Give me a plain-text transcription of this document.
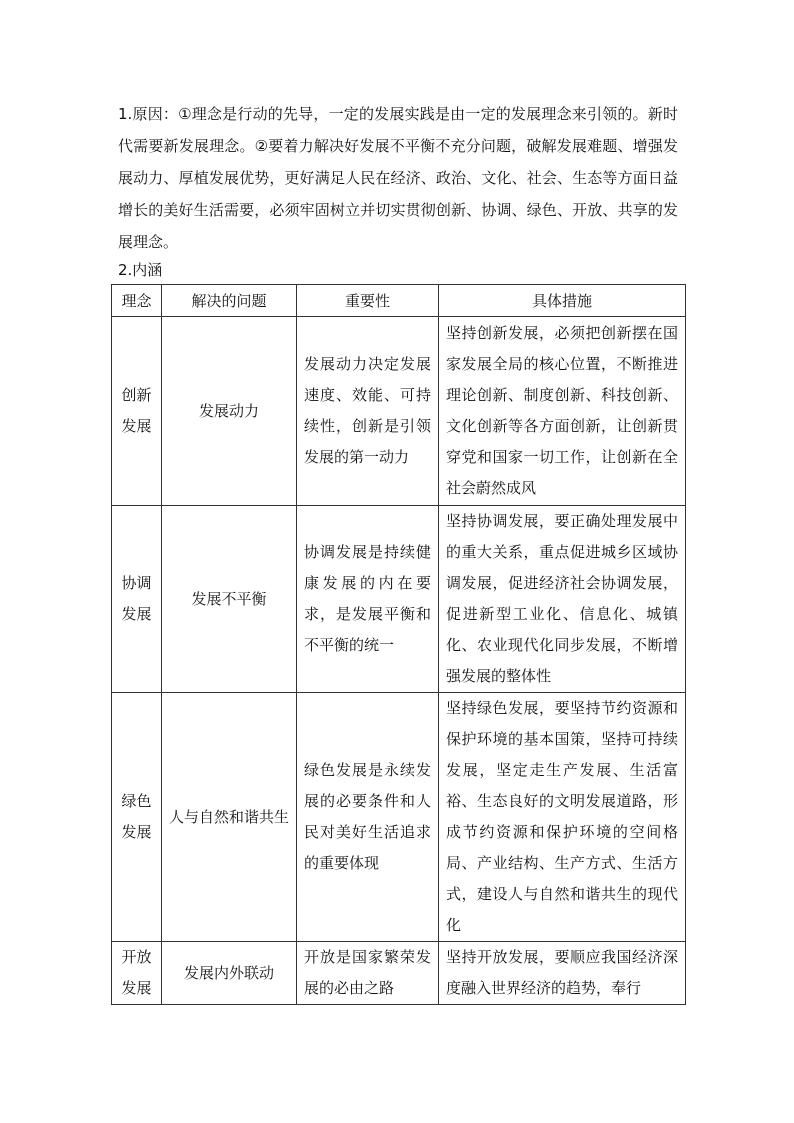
1.原因：①理念是行动的先导，一定的发展实践是由一定的发展理念来引领的。新时代需要新发展理念。②要着力解决好发展不平衡不充分问题，破解发展难题、增强发展动力、厚植发展优势，更好满足人民在经济、政治、文化、社会、生态等方面日益增长的美好生活需要，必须牢固树立并切实贯彻创新、协调、绿色、开放、共享的发展理念。

2.内涵
理念	解决的问题	重要性	具体措施
创新发展	发展动力	发展动力决定发展速度、效能、可持续性，创新是引领发展的第一动力	坚持创新发展，必须把创新摆在国家发展全局的核心位置，不断推进理论创新、制度创新、科技创新、文化创新等各方面创新，让创新贯穿党和国家一切工作，让创新在全社会蔚然成风
协调发展	发展不平衡	协调发展是持续健康发展的内在要求，是发展平衡和不平衡的统一	坚持协调发展，要正确处理发展中的重大关系，重点促进城乡区域协调发展，促进经济社会协调发展，促进新型工业化、信息化、城镇化、农业现代化同步发展，不断增强发展的整体性
绿色发展	人与自然和谐共生	绿色发展是永续发展的必要条件和人民对美好生活追求的重要体现	坚持绿色发展，要坚持节约资源和保护环境的基本国策，坚持可持续发展，坚定走生产发展、生活富裕、生态良好的文明发展道路，形成节约资源和保护环境的空间格局、产业结构、生产方式、生活方式，建设人与自然和谐共生的现代化
开放发展	发展内外联动	开放是国家繁荣发展的必由之路	坚持开放发展，要顺应我国经济深度融入世界经济的趋势，奉行
